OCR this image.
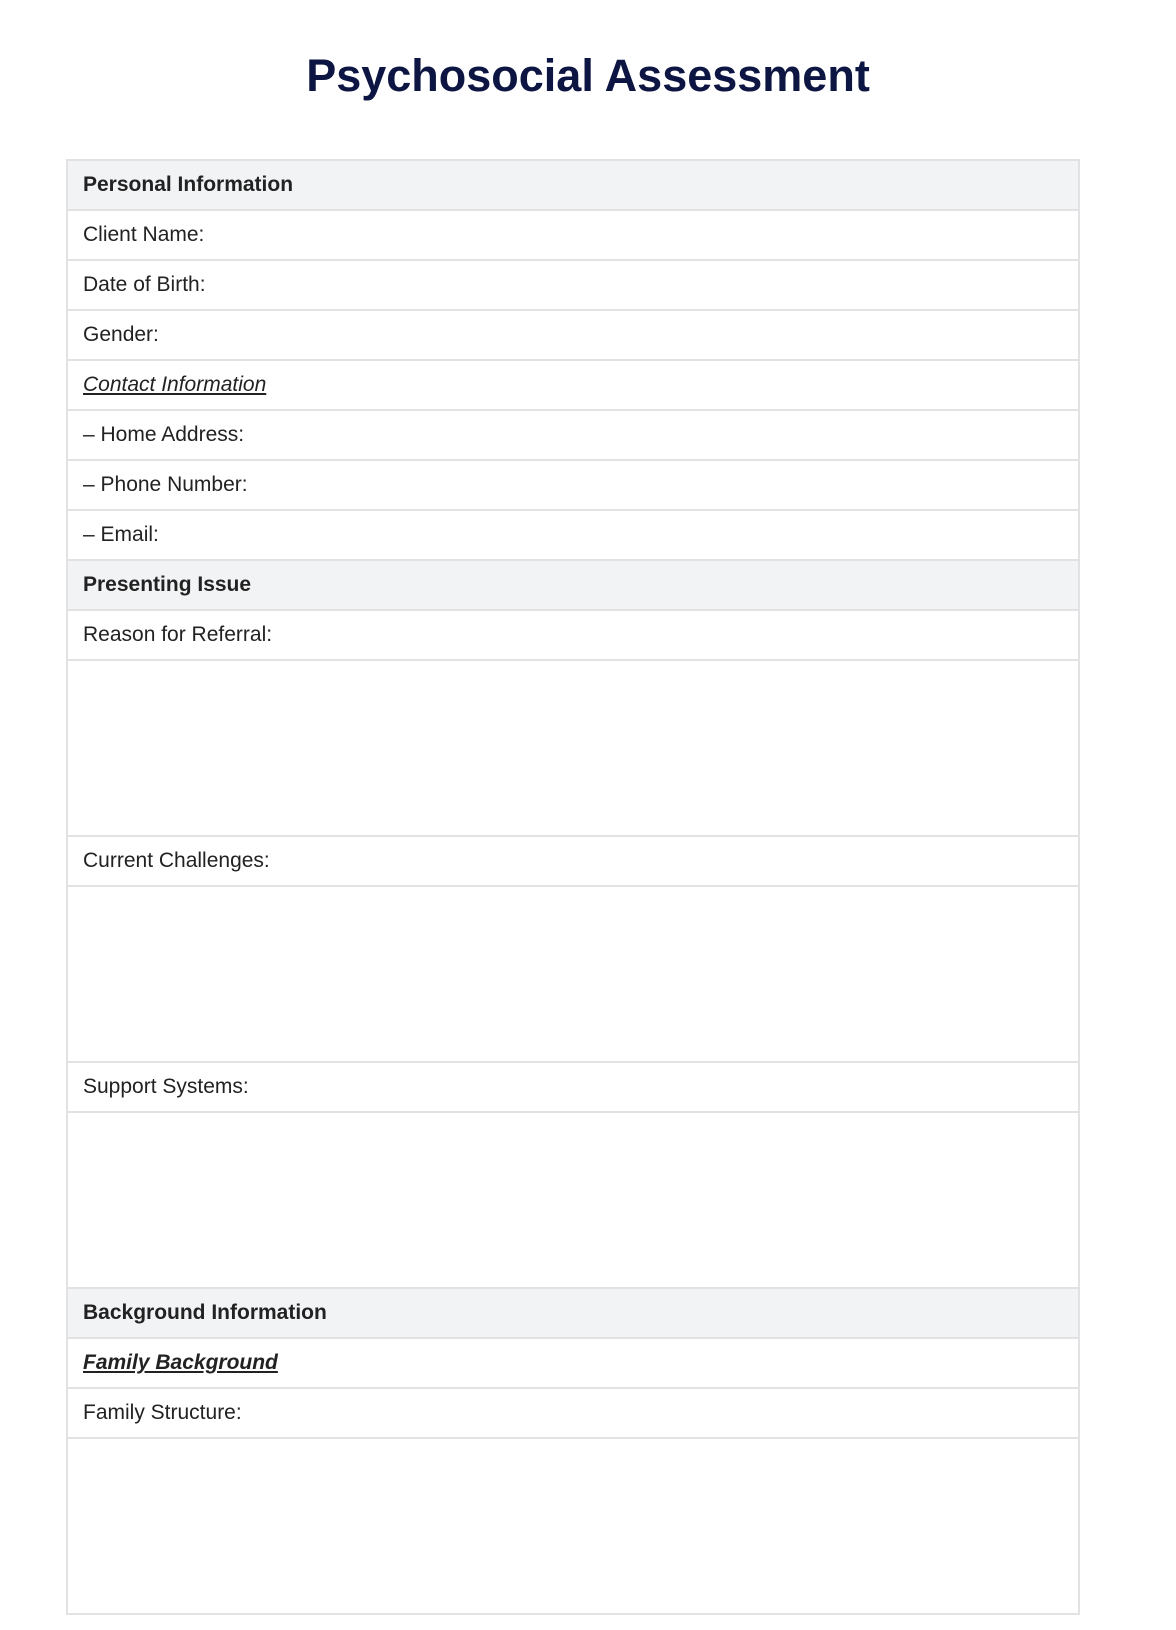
Psychosocial Assessment
Personal Information
Client Name:
Date of Birth:
Gender:
Contact Information
– Home Address:
– Phone Number:
– Email:
Presenting Issue
Reason for Referral:
Current Challenges:
Support Systems:
Background Information
Family Background
Family Structure:
